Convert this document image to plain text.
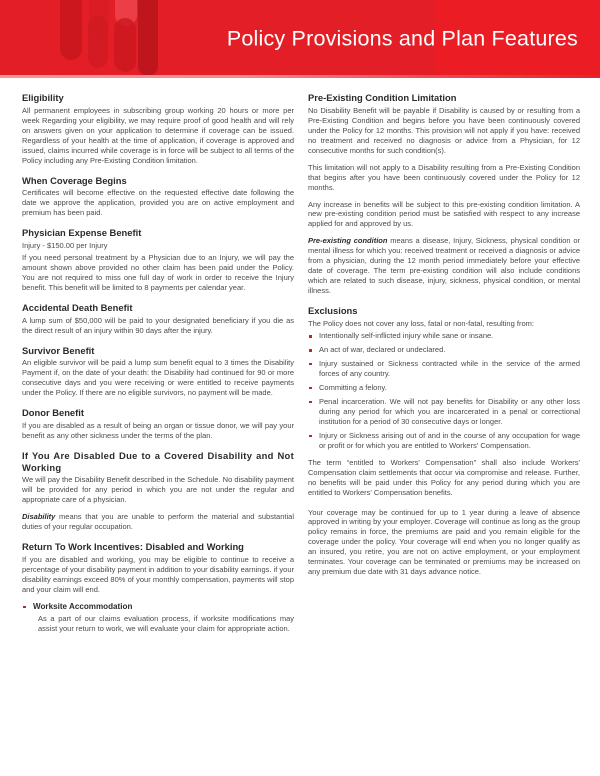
Policy Provisions and Plan Features
Eligibility

All permanent employees in subscribing group working 20 hours or more per week Regarding your eligibility, we may require proof of good health and will rely on answers given on your application to determine if coverage can be issued. Regardless of your health at the time of application, if coverage is approved and issued, claims incurred while coverage is in force will be subject to all terms of the Policy including any Pre-Existing Condition limitation.

When Coverage Begins

Certificates will become effective on the requested effective date following the date we approve the application, provided you are on active employment and premium has been paid.

Physician Expense Benefit

Injury - $150.00 per Injury

If you need personal treatment by a Physician due to an Injury, we will pay the amount shown above provided no other claim has been paid under the Policy. You are not required to miss one full day of work in order to receive the Injury benefit. This benefit will be limited to 8 payments per calendar year.

Accidental Death Benefit

A lump sum of $50,000 will be paid to your designated beneficiary if you die as the direct result of an injury within 90 days after the injury.

Survivor Benefit

An eligible survivor will be paid a lump sum benefit equal to 3 times the Disability Payment if, on the date of your death: the Disability had continued for 90 or more consecutive days and you were receiving or were entitled to receive payments under the Policy. If there are no eligible survivors, no payment will be made.

Donor Benefit

If you are disabled as a result of being an organ or tissue donor, we will pay your benefit as any other sickness under the terms of the plan.

If You Are Disabled Due to a Covered Disability and Not Working

We will pay the Disability Benefit described in the Schedule. No disability payment will be provided for any period in which you are not under the regular and appropriate care of a physician.

Disability means that you are unable to perform the material and substantial duties of your regular occupation.

Return To Work Incentives: Disabled and Working

If you are disabled and working, you may be eligible to continue to receive a percentage of your disability payment in addition to your disability earnings. if your disability earnings exceed 80% of your monthly compensation, payments will stop and your claim will end.

Worksite Accommodation
As a part of our claims evaluation process, if worksite modifications may assist your return to work, we will evaluate your claim for appropriate action.
Pre-Existing Condition Limitation

No Disability Benefit will be payable if Disability is caused by or resulting from a Pre-Existing Condition and begins before you have been continuously covered under the Policy for 12 months. This provision will not apply if you have: received no treatment and received no diagnosis or advice from a Physician, for 12 consecutive months for such condition(s).

This limitation will not apply to a Disability resulting from a Pre-Existing Condition that begins after you have been continuously covered under the Policy for 12 months.

Any increase in benefits will be subject to this pre-existing condition limitation. A new pre-existing condition period must be satisfied with respect to any increase applied for and approved by us.

Pre-existing condition means a disease, Injury, Sickness, physical condition or mental illness for which you: received treatment or received a diagnosis or advice from a physician, during the 12 month period immediately before your effective date of coverage. The term pre-existing condition will also include conditions which are related to such disease, injury, sickness, physical condition, or mental illness.

Exclusions

The Policy does not cover any loss, fatal or non-fatal, resulting from:

Intentionally self-inflicted injury while sane or insane.
An act of war, declared or undeclared.
Injury sustained or Sickness contracted while in the service of the armed forces of any country.
Committing a felony.
Penal incarceration. We will not pay benefits for Disability or any other loss during any period for which you are incarcerated in a penal or correctional institution for a period of 30 consecutive days or longer.
Injury or Sickness arising out of and in the course of any occupation for wage or profit or for which you are entitled to Workers' Compensation.

The term “entitled to Workers' Compensation” shall also include Workers' Compensation claim settlements that occur via compromise and release. Further, no benefits will be paid under this Policy for any period during which you are entitled to Workers' Compensation benefits.

Your coverage may be continued for up to 1 year during a leave of absence approved in writing by your employer. Coverage will continue as long as the group policy remains in force, the premiums are paid and you remain eligible for the coverage under the policy. Your coverage will end when you no longer qualify as an insured, you retire, you are not on active employment, or your employment terminates. Your coverage can be terminated or premiums may be increased on any premium due date with 31 days advance notice.
